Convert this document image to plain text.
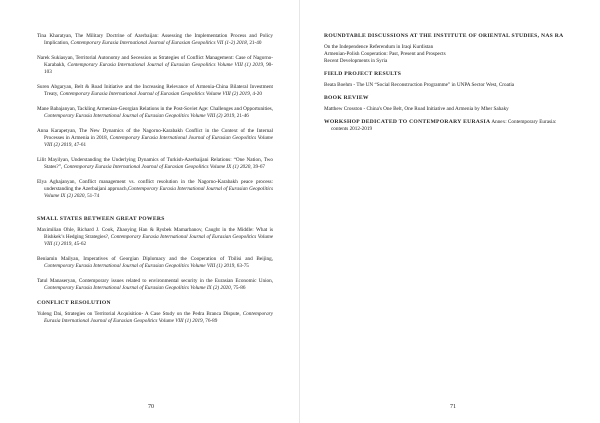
Tina Kharatyan, The Military Doctrine of Azerbaijan: Assessing the Implementation Process and Policy Implication, Contemporary Eurasia International Journal of Eurasian Geopolitics VII (1-2) 2018, 21-40

Narek Sukiasyan, Territorial Autonomy and Secession as Strategies of Conflict Management: Case of Nagorno-Karabakh, Contemporary Eurasia International Journal of Eurasian Geopolitics Volume VIII (1) 2019, 90-103

Suren Abgaryan, Belt & Road Initiative and the Increasing Relevance of Armenia-China Bilateral Investment Treaty, Contemporary Eurasia International Journal of Eurasian Geopolitics Volume VIII (2) 2019, 4-20

Mane Babajanyan, Tackling Armenian-Georgian Relations in the Post-Soviet Age: Challenges and Opportunities, Contemporary Eurasia International Journal of Eurasian Geopolitics Volume VIII (2) 2019, 21-46

Anna Karapetyan, The New Dynamics of the Nagorno-Karabakh Conflict in the Context of the Internal Processes in Armenia in 2018, Contemporary Eurasia International Journal of Eurasian Geopolitics Volume VIII (2) 2019, 47-61

Lilit Mayilyan, Understanding the Underlying Dynamics of Turkish-Azerbaijani Relations: “One Nation, Two States?”, Contemporary Eurasia International Journal of Eurasian Geopolitics Volume IX (1) 2020, 39-67

Elya Aghajanyan, Conflict management vs. conflict resolution in the Nagorno-Karabakh peace process: understanding the Azerbaijani approach,Contemporary Eurasia International Journal of Eurasian Geopolitics Volume IX (2) 2020, 51-74

SMALL STATES BETWEEN GREAT POWERS

Maximilian Ohle, Richard J. Cook, Zhaoying Han & Rysbek Mamarbanov, Caught in the Middle: What is Bishkek’s Hedging Strategies?, Contemporary Eurasia International Journal of Eurasian Geopolitics Volume VIII (1) 2019, 45-62

Beniamin Mailyan, Imperatives of Georgian Diplomacy and the Cooperation of Tbilisi and Beijing, Contemporary Eurasia International Journal of Eurasian Geopolitics Volume VIII (1) 2019, 63-75

Tatul Manaseryan, Contemporary issues related to environmental security in the Eurasian Economic Union, Contemporary Eurasia International Journal of Eurasian Geopolitics Volume IX (2) 2020, 75-86

CONFLICT RESOLUTION

Yuleng Dai, Strategies on Territorial Acquisition- A Case Study on the Pedra Branca Dispute, Contemporary Eurasia International Journal of Eurasian Geopolitics Volume VIII (1) 2019, 76-89

70
ROUNDTABLE DISCUSSIONS AT THE INSTITUTE OF ORIENTAL STUDIES, NAS RA

On the Independence Referendum in Iraqi Kurdistan

Armenian-Polish Cooperation: Past, Present and Prospects

Recent Developments in Syria

FIELD PROJECT RESULTS

Beata Boehm - The UN “Social Reconstruction Programme” in UNPA Sector West, Croatia

BOOK REVIEW

Matthew Crosston - China's One Belt, One Road Initiative and Armenia by Mher Sahaky

WORKSHOP DEDICATED TO CONTEMPORARY EURASIA Annex: Contemporary Eurasia: contents 2012-2019
71
